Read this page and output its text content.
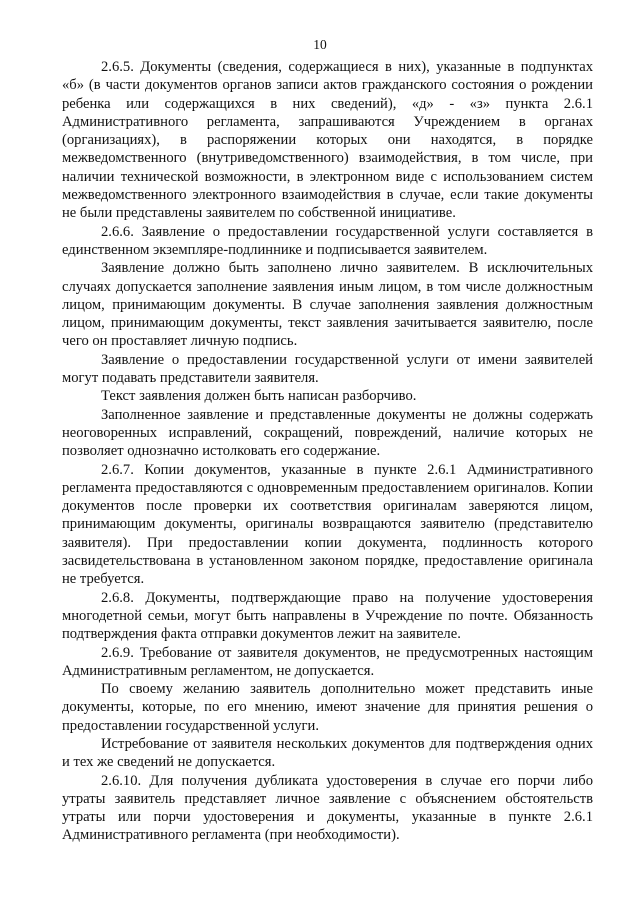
10

2.6.5. Документы (сведения, содержащиеся в них), указанные в подпунктах «б» (в части документов органов записи актов гражданского состояния о рождении ребенка или содержащихся в них сведений), «д» - «з» пункта 2.6.1 Административного регламента, запрашиваются Учреждением в органах (организациях), в распоряжении которых они находятся, в порядке межведомственного (внутриведомственного) взаимодействия, в том числе, при наличии технической возможности, в электронном виде с использованием систем межведомственного электронного взаимодействия в случае, если такие документы не были представлены заявителем по собственной инициативе.

2.6.6. Заявление о предоставлении государственной услуги составляется в единственном экземпляре-подлиннике и подписывается заявителем.

Заявление должно быть заполнено лично заявителем. В исключительных случаях допускается заполнение заявления иным лицом, в том числе должностным лицом, принимающим документы. В случае заполнения заявления должностным лицом, принимающим документы, текст заявления зачитывается заявителю, после чего он проставляет личную подпись.

Заявление о предоставлении государственной услуги от имени заявителей могут подавать представители заявителя.

Текст заявления должен быть написан разборчиво.

Заполненное заявление и представленные документы не должны содержать неоговоренных исправлений, сокращений, повреждений, наличие которых не позволяет однозначно истолковать его содержание.

2.6.7. Копии документов, указанные в пункте 2.6.1 Административного регламента предоставляются с одновременным предоставлением оригиналов. Копии документов после проверки их соответствия оригиналам заверяются лицом, принимающим документы, оригиналы возвращаются заявителю (представителю заявителя). При предоставлении копии документа, подлинность которого засвидетельствована в установленном законом порядке, предоставление оригинала не требуется.

2.6.8. Документы, подтверждающие право на получение удостоверения многодетной семьи, могут быть направлены в Учреждение по почте. Обязанность подтверждения факта отправки документов лежит на заявителе.

2.6.9. Требование от заявителя документов, не предусмотренных настоящим Административным регламентом, не допускается.

По своему желанию заявитель дополнительно может представить иные документы, которые, по его мнению, имеют значение для принятия решения о предоставлении государственной услуги.

Истребование от заявителя нескольких документов для подтверждения одних и тех же сведений не допускается.

2.6.10. Для получения дубликата удостоверения в случае его порчи либо утраты заявитель представляет личное заявление с объяснением обстоятельств утраты или порчи удостоверения и документы, указанные в пункте 2.6.1 Административного регламента (при необходимости).
